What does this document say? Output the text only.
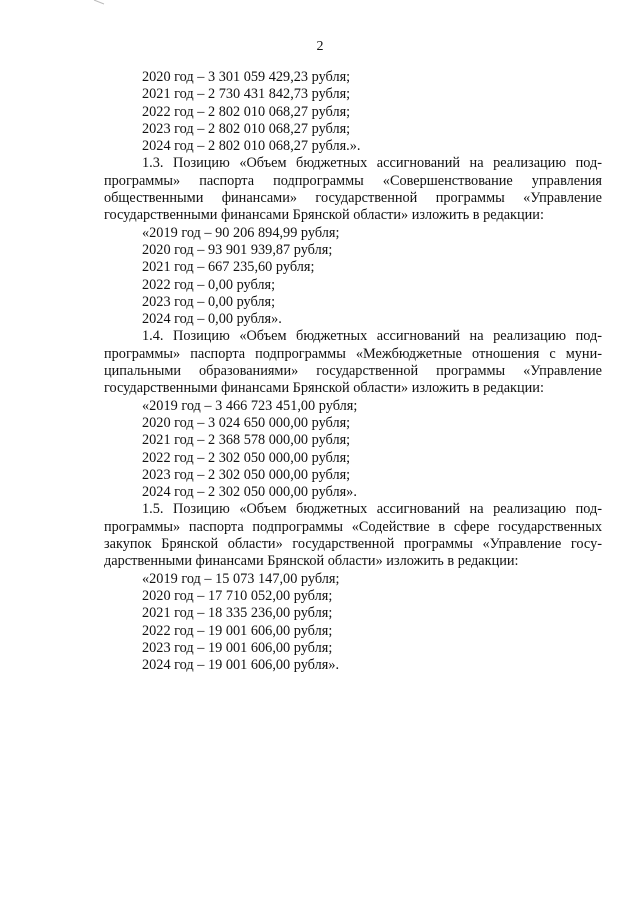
2
2020 год – 3 301 059 429,23 рубля;
2021 год – 2 730 431 842,73 рубля;
2022 год – 2 802 010 068,27 рубля;
2023 год – 2 802 010 068,27 рубля;
2024 год – 2 802 010 068,27 рубля.».
1.3. Позицию «Объем бюджетных ассигнований на реализацию под-
программы» паспорта подпрограммы «Совершенствование управления
общественными финансами» государственной программы «Управление
государственными финансами Брянской области» изложить в редакции:
«2019 год – 90 206 894,99 рубля;
2020 год – 93 901 939,87 рубля;
2021 год – 667 235,60 рубля;
2022 год – 0,00 рубля;
2023 год – 0,00 рубля;
2024 год – 0,00 рубля».
1.4. Позицию «Объем бюджетных ассигнований на реализацию под-
программы» паспорта подпрограммы «Межбюджетные отношения с муни-
ципальными образованиями» государственной программы «Управление
государственными финансами Брянской области» изложить в редакции:
«2019 год – 3 466 723 451,00 рубля;
2020 год – 3 024 650 000,00 рубля;
2021 год – 2 368 578 000,00 рубля;
2022 год – 2 302 050 000,00 рубля;
2023 год – 2 302 050 000,00 рубля;
2024 год – 2 302 050 000,00 рубля».
1.5. Позицию «Объем бюджетных ассигнований на реализацию под-
программы» паспорта подпрограммы «Содействие в сфере государственных
закупок Брянской области» государственной программы «Управление госу-
дарственными финансами Брянской области» изложить в редакции:
«2019 год – 15 073 147,00 рубля;
2020 год – 17 710 052,00 рубля;
2021 год – 18 335 236,00 рубля;
2022 год – 19 001 606,00 рубля;
2023 год – 19 001 606,00 рубля;
2024 год – 19 001 606,00 рубля».
